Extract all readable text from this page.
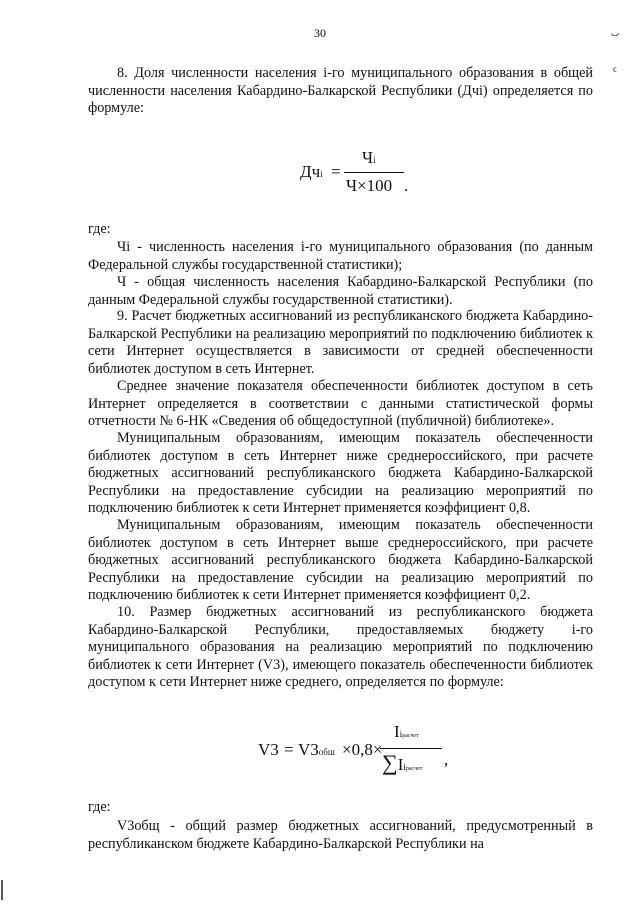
30	ٮ
ϲ

8. Доля численности населения i-го муниципального образования в общей численности населения Кабардино-Балкарской Республики (Дчi) определяется по формуле:

Дчi =
Чi
Ч×100 .

где:

Чi - численность населения i-го муниципального образования (по данным Федеральной службы государственной статистики);

Ч - общая численность населения Кабардино-Балкарской Республики (по данным Федеральной службы государственной статистики).

9. Расчет бюджетных ассигнований из республиканского бюджета Кабардино-Балкарской Республики на реализацию мероприятий по подключению библиотек к сети Интернет осуществляется в зависимости от средней обеспеченности библиотек доступом в сеть Интернет.

Среднее значение показателя обеспеченности библиотек доступом в сеть Интернет определяется в соответствии с данными статистической формы отчетности № 6-НК «Сведения об общедоступной (публичной) библиотеке».

Муниципальным образованиям, имеющим показатель обеспеченности библиотек доступом в сеть Интернет ниже среднероссийского, при расчете бюджетных ассигнований республиканского бюджета Кабардино-Балкарской Республики на предоставление субсидии на реализацию мероприятий по подключению библиотек к сети Интернет применяется коэффициент 0,8.

Муниципальным образованиям, имеющим показатель обеспеченности библиотек доступом в сеть Интернет выше среднероссийского, при расчете бюджетных ассигнований республиканского бюджета Кабардино-Балкарской Республики на предоставление субсидии на реализацию мероприятий по подключению библиотек к сети Интернет применяется коэффициент 0,2.

10. Размер бюджетных ассигнований из республиканского бюджета Кабардино-Балкарской Республики, предоставляемых бюджету i-го муниципального образования на реализацию мероприятий по подключению библиотек к сети Интернет (V3), имеющего показатель обеспеченности библиотек доступом к сети Интернет ниже среднего, определяется по формуле:

V3 = V3обш ×0,8×
Iiрасчет
∑Iiрасчет ,

где:

V3общ - общий размер бюджетных ассигнований, предусмотренный в республиканском бюджете Кабардино-Балкарской Республики на
